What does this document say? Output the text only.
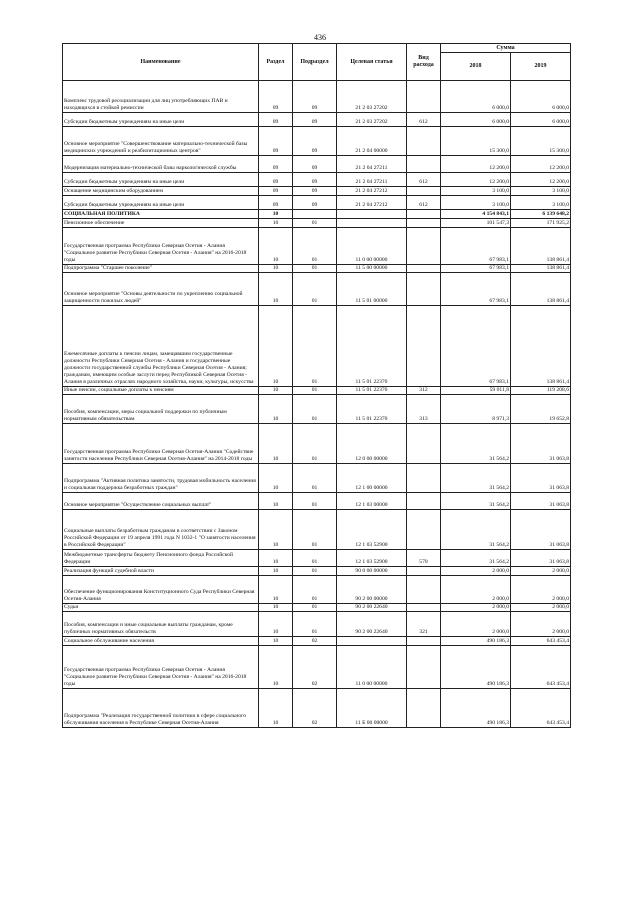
436
Наименование	Раздел	Подраздел	Целевая статья	Вид расхода	Сумма	
					2018	2019
Комплекс трудовой ресоциализации для лиц употребляющих ПАВ и находящихся в стойкой ремиссии	09	09	21 2 03 27202		6 000,0	6 000,0
Субсидии бюджетным учреждениям на иные цели	09	09	21 2 03 27202	612	6 000,0	6 000,0
Основное мероприятие "Совершенствование материально-технической базы медицинских учреждений и реабилитационных центров"	09	09	21 2 04 00000		15 300,0	15 300,0
Модернизация материально-технической базы наркологической службы	09	09	21 2 04 27211		12 200,0	12 200,0
Субсидии бюджетным учреждениям на иные цели	09	09	21 2 04 27211	612	12 200,0	12 200,0
Оснащение медицинским оборудованием	09	09	21 2 04 27212		3 100,0	3 100,0
Субсидии бюджетным учреждениям на иные цели	09	09	21 2 04 27212	612	3 100,0	3 100,0
СОЦИАЛЬНАЯ ПОЛИТИКА	10				4 154 843,1	6 139 648,2
Пенсионное обеспечение	10	01			101 547,3	171 925,2
Государственная программа Республики Северная Осетия - Алания "Социальное развитие Республики Северная Осетия - Алания" на 2016-2018 годы	10	01	11 0 00 00000		67 983,1	138 861,4
Подпрограмма "Старшее поколение"	10	01	11 5 00 00000		67 983,1	138 861,4
Основное мероприятие "Основы деятельности по укреплению социальной защищенности пожилых людей"	10	01	11 5 01 00000		67 983,1	138 861,4
Ежемесячные доплаты к пенсии лицам, замещавшим государственные должности Республики Северная Осетия - Алания и государственные должности государственной службы Республики Северная Осетия - Алания; гражданам, имеющим особые заслуги перед Республикой Северная Осетия - Алания в различных отраслях народного хозяйства, науки, культуры, искусства	10	01	11 5 01 22370		67 983,1	138 861,4
Иные пенсии, социальные доплаты к пенсиям	10	01	11 5 01 22370	312	59 011,8	119 208,6
Пособия, компенсации, меры социальной поддержки по публичным нормативным обязательствам	10	01	11 5 01 22370	313	8 971,3	19 652,8
Государственная программа Республики Северная Осетия-Алания "Содействие занятости населения Республики Северная Осетия-Алания" на 2014-2018 годы	10	01	12 0 00 00000		31 564,2	31 063,8
Подпрограмма "Активная политика занятости, трудовая мобильность населения и социальная поддержка безработных граждан"	10	01	12 1 00 00000		31 564,2	31 063,8
Основное мероприятие "Осуществление социальных выплат"	10	01	12 1 03 00000		31 564,2	31 063,8
Социальные выплаты безработным гражданам в соответствии с Законом Российской Федерации от 19 апреля 1991 года N 1032-1 "О занятости населения в Российской Федерации"	10	01	12 1 03 52900		31 564,2	31 063,8
Межбюджетные трансферты бюджету Пенсионного фонда Российской Федерации	10	01	12 1 03 52900	570	31 564,2	31 063,8
Реализация функций судебной власти	10	01	90 0 00 00000		2 000,0	2 000,0
Обеспечение функционирования Конституционного Суда Республики Северная Осетия-Алания	10	01	90 2 00 00000		2 000,0	2 000,0
Судьи	10	01	90 2 00 22640		2 000,0	2 000,0
Пособия, компенсации и иные социальные выплаты гражданам, кроме публичных нормативных обязательств	10	01	90 2 00 22640	321	2 000,0	2 000,0
Социальное обслуживание населения	10	02			490 186,3	643 453,4
Государственная программа Республики Северная Осетия - Алания "Социальное развитие Республики Северная Осетия - Алания" на 2016-2018 годы	10	02	11 0 00 00000		490 186,3	643 453,4
Подпрограмма "Реализация государственной политики в сфере социального обслуживания населения в Республике Северная Осетия-Алания	10	02	11 Б 00 00000		490 186,3	643 453,4
